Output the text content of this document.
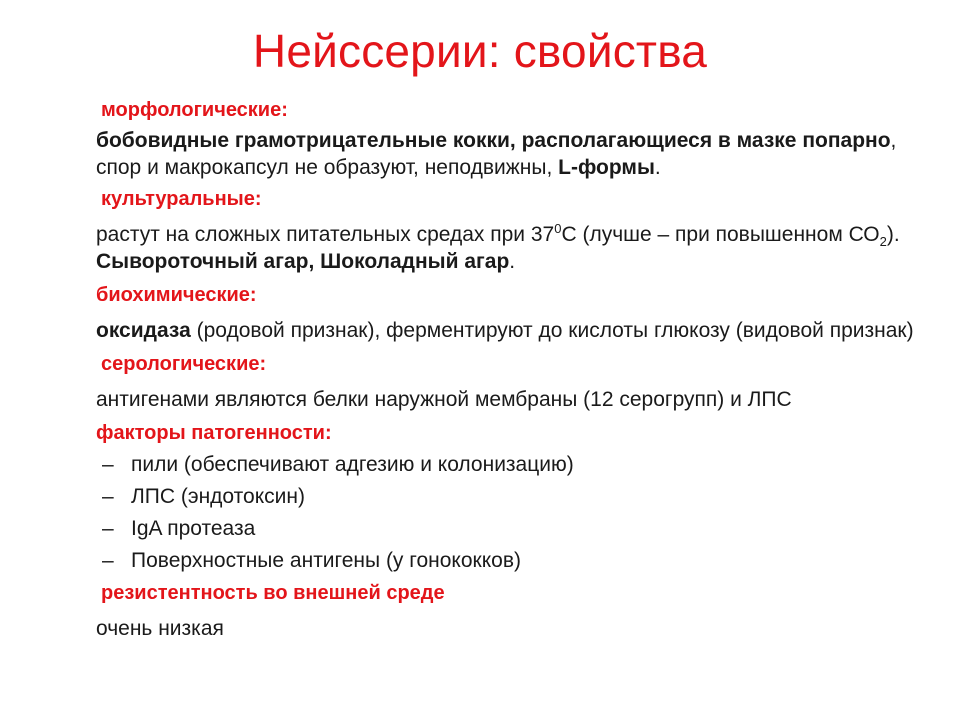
Нейссерии: свойства

морфологические:

бобовидные грамотрицательные кокки, располагающиеся в мазке попарно, спор и макрокапсул не образуют, неподвижны, L-формы.

культуральные:

растут на сложных питательных средах при $37^0С$ (лучше – при повышенном $СО_2$). Сывороточный агар, Шоколадный агар.

биохимические:

оксидаза (родовой признак), ферментируют до кислоты глюкозу (видовой признак)

серологические:

антигенами являются белки наружной мембраны (12 серогрупп) и ЛПС

факторы патогенности:

– пили (обеспечивают адгезию и колонизацию)
– ЛПС (эндотоксин)
– IgA протеаза
– Поверхностные антигены (у гонококков)

резистентность во внешней среде

очень низкая
